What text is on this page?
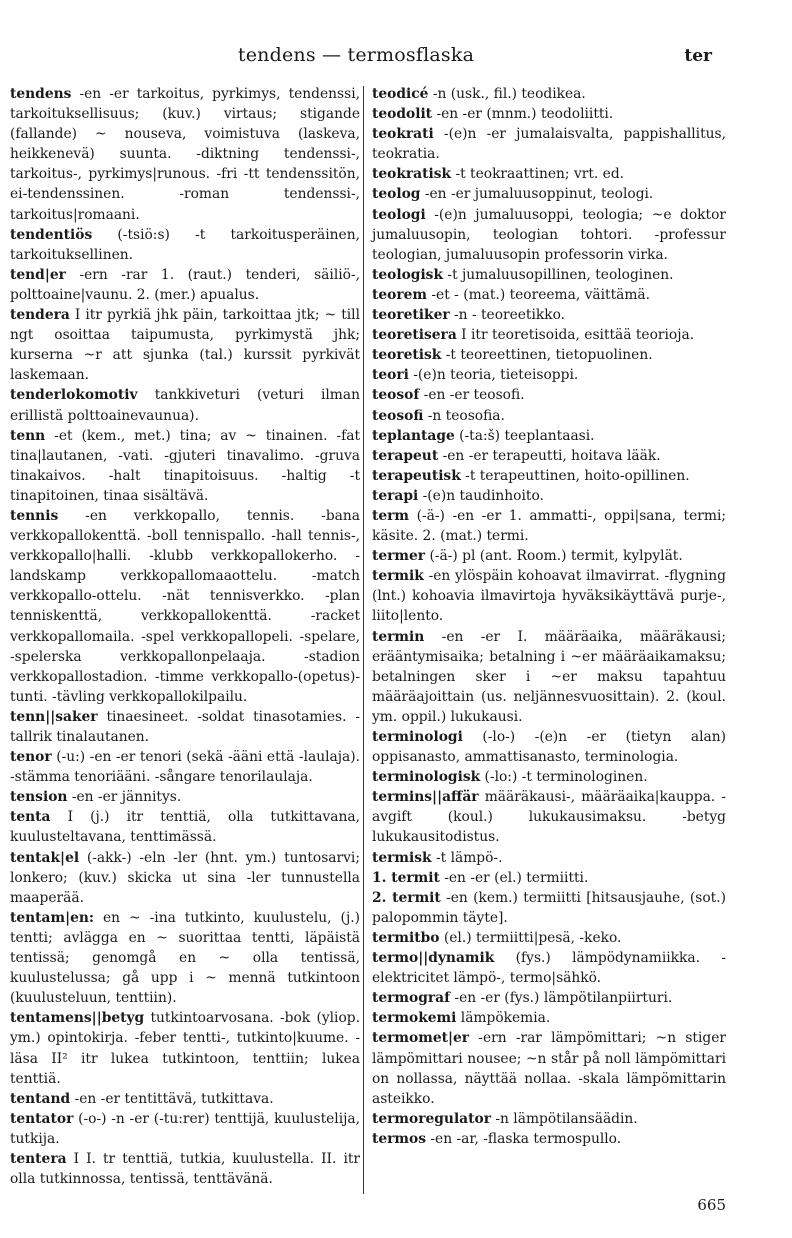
tendens — termosflaska	ter

tendens -en -er tarkoitus, pyrkimys, tendenssi, tarkoituksellisuus; (kuv.) virtaus; stigande (fallande) ~ nouseva, voimistuva (laskeva, heikkenevä) suunta. -diktning tendenssi-, tarkoitus-, pyrkimys|runous. -fri -tt tendenssitön, ei-tendenssinen. -roman tendenssi-, tarkoitus|romaani.

tendentiös (-tsiö:s) -t tarkoitusperäinen, tarkoituksellinen.

tend|er -ern -rar 1. (raut.) tenderi, säiliö-, polttoaine|vaunu. 2. (mer.) apualus.

tendera I itr pyrkiä jhk päin, tarkoittaa jtk; ~ till ngt osoittaa taipumusta, pyrkimystä jhk; kurserna ~r att sjunka (tal.) kurssit pyrkivät laskemaan.

tenderlokomotiv tankkiveturi (veturi ilman erillistä polttoainevaunua).

tenn -et (kem., met.) tina; av ~ tinainen. -fat tina|lautanen, -vati. -gjuteri tinavalimo. -gruva tinakaivos. -halt tinapitoisuus. -haltig -t tinapitoinen, tinaa sisältävä.

tennis -en verkkopallo, tennis. -bana verkkopallokenttä. -boll tennispallo. -hall tennis-, verkkopallo|halli. -klubb verkkopallokerho. -landskamp verkkopallomaaottelu. -match verkkopallo-ottelu. -nät tennisverkko. -plan tenniskenttä, verkkopallokenttä. -racket verkkopallomaila. -spel verkkopallopeli. -spelare, -spelerska verkkopallonpelaaja. -stadion verkkopallostadion. -timme verkkopallo-(opetus)-tunti. -tävling verkkopallokilpailu.

tenn||saker tinaesineet. -soldat tinasotamies. -tallrik tinalautanen.

tenor (-u:) -en -er tenori (sekä -ääni että -laulaja). -stämma tenoriääni. -sångare tenorilaulaja.

tension -en -er jännitys.

tenta I (j.) itr tenttiä, olla tutkittavana, kuulusteltavana, tenttimässä.

tentak|el (-akk-) -eln -ler (hnt. ym.) tuntosarvi; lonkero; (kuv.) skicka ut sina -ler tunnustella maaperää.

tentam|en: en ~ -ina tutkinto, kuulustelu, (j.) tentti; avlägga en ~ suorittaa tentti, läpäistä tentissä; genomgå en ~ olla tentissä, kuulustelussa; gå upp i ~ mennä tutkintoon (kuulusteluun, tenttiin).

tentamens||betyg tutkintoarvosana. -bok (yliop. ym.) opintokirja. -feber tentti-, tutkinto|kuume. -läsa II² itr lukea tutkintoon, tenttiin; lukea tenttiä.

tentand -en -er tentittävä, tutkittava.

tentator (-o-) -n -er (-tu:rer) tenttijä, kuulustelija, tutkija.

tentera I I. tr tenttiä, tutkia, kuulustella. II. itr olla tutkinnossa, tentissä, tenttävänä.

teodicé -n (usk., fil.) teodikea.

teodolit -en -er (mnm.) teodoliitti.

teokrati -(e)n -er jumalaisvalta, pappishallitus, teokratia.

teokratisk -t teokraattinen; vrt. ed.

teolog -en -er jumaluusoppinut, teologi.

teologi -(e)n jumaluusoppi, teologia; ~e doktor jumaluusopin, teologian tohtori. -professur teologian, jumaluusopin professorin virka.

teologisk -t jumaluusopillinen, teologinen.

teorem -et - (mat.) teoreema, väittämä.

teoretiker -n - teoreetikko.

teoretisera I itr teoretisoida, esittää teorioja.

teoretisk -t teoreettinen, tietopuolinen.

teori -(e)n teoria, tieteisoppi.

teosof -en -er teosofi.

teosofi -n teosofia.

teplantage (-ta:š) teeplantaasi.

terapeut -en -er terapeutti, hoitava lääk.

terapeutisk -t terapeuttinen, hoito-opillinen.

terapi -(e)n taudinhoito.

term (-ä-) -en -er 1. ammatti-, oppi|sana, termi; käsite. 2. (mat.) termi.

termer (-ä-) pl (ant. Room.) termit, kylpylät.

termik -en ylöspäin kohoavat ilmavirrat. -flygning (lnt.) kohoavia ilmavirtoja hyväksikäyttävä purje-, liito|lento.

termin -en -er I. määräaika, määräkausi; erääntymisaika; betalning i ~er määräaikamaksu; betalningen sker i ~er maksu tapahtuu määräajoittain (us. neljännesvuosittain). 2. (koul. ym. oppil.) lukukausi.

terminologi (-lo-) -(e)n -er (tietyn alan) oppisanasto, ammattisanasto, terminologia.

terminologisk (-lo:) -t terminologinen.

termins||affär määräkausi-, määräaika|kauppa. -avgift (koul.) lukukausimaksu. -betyg lukukausitodistus.

termisk -t lämpö-.

1. termit -en -er (el.) termiitti.

2. termit -en (kem.) termiitti [hitsausjauhe, (sot.) palopommin täyte].

termitbo (el.) termiitti|pesä, -keko.

termo||dynamik (fys.) lämpödynamiikka. -elektricitet lämpö-, termo|sähkö.

termograf -en -er (fys.) lämpötilanpiirturi.

termokemi lämpökemia.

termomet|er -ern -rar lämpömittari; ~n stiger lämpömittari nousee; ~n står på noll lämpömittari on nollassa, näyttää nollaa. -skala lämpömittarin asteikko.

termoregulator -n lämpötilansäädin.

termos -en -ar, -flaska termospullo.

665
